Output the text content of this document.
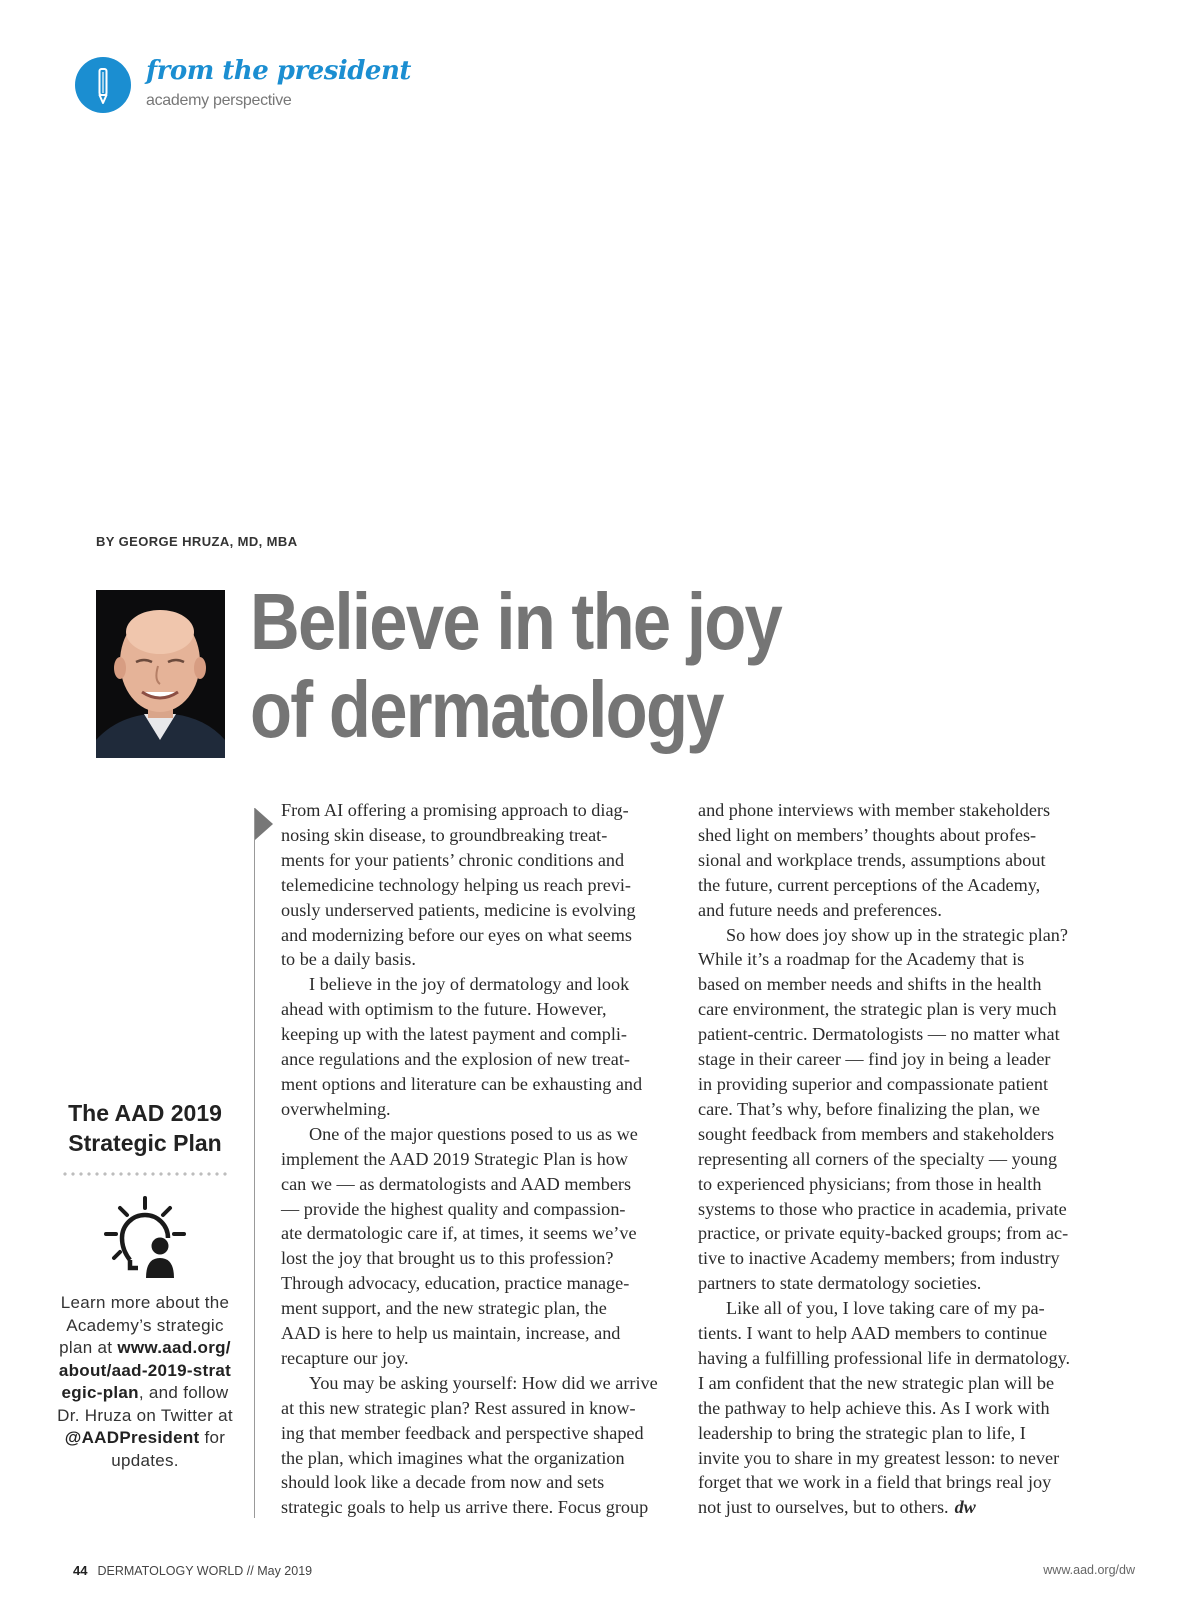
from the president
academy perspective
BY GEORGE HRUZA, MD, MBA
Believe in the joy of dermatology
The AAD 2019 Strategic Plan

Learn more about the Academy’s strategic plan at www.aad.org/about/aad-2019-strategic-plan, and follow Dr. Hruza on Twitter at @AADPresident for updates.

From AI offering a promising approach to diag-
nosing skin disease, to groundbreaking treat-
ments for your patients’ chronic conditions and
telemedicine technology helping us reach previ-
ously underserved patients, medicine is evolving
and modernizing before our eyes on what seems
to be a daily basis.

I believe in the joy of dermatology and look
ahead with optimism to the future. However,
keeping up with the latest payment and compli-
ance regulations and the explosion of new treat-
ment options and literature can be exhausting and
overwhelming.

One of the major questions posed to us as we
implement the AAD 2019 Strategic Plan is how
can we — as dermatologists and AAD members
— provide the highest quality and compassion-
ate dermatologic care if, at times, it seems we’ve
lost the joy that brought us to this profession?
Through advocacy, education, practice manage-
ment support, and the new strategic plan, the
AAD is here to help us maintain, increase, and
recapture our joy.

You may be asking yourself: How did we arrive
at this new strategic plan? Rest assured in know-
ing that member feedback and perspective shaped
the plan, which imagines what the organization
should look like a decade from now and sets
strategic goals to help us arrive there. Focus group

and phone interviews with member stakeholders
shed light on members’ thoughts about profes-
sional and workplace trends, assumptions about
the future, current perceptions of the Academy,
and future needs and preferences.

So how does joy show up in the strategic plan?
While it’s a roadmap for the Academy that is
based on member needs and shifts in the health
care environment, the strategic plan is very much
patient-centric. Dermatologists — no matter what
stage in their career — find joy in being a leader
in providing superior and compassionate patient
care. That’s why, before finalizing the plan, we
sought feedback from members and stakeholders
representing all corners of the specialty — young
to experienced physicians; from those in health
systems to those who practice in academia, private
practice, or private equity-backed groups; from ac-
tive to inactive Academy members; from industry
partners to state dermatology societies.

Like all of you, I love taking care of my pa-
tients. I want to help AAD members to continue
having a fulfilling professional life in dermatology.
I am confident that the new strategic plan will be
the pathway to help achieve this. As I work with
leadership to bring the strategic plan to life, I
invite you to share in my greatest lesson: to never
forget that we work in a field that brings real joy
not just to ourselves, but to others. dw

44 DERMATOLOGY WORLD // May 2019	www.aad.org/dw
